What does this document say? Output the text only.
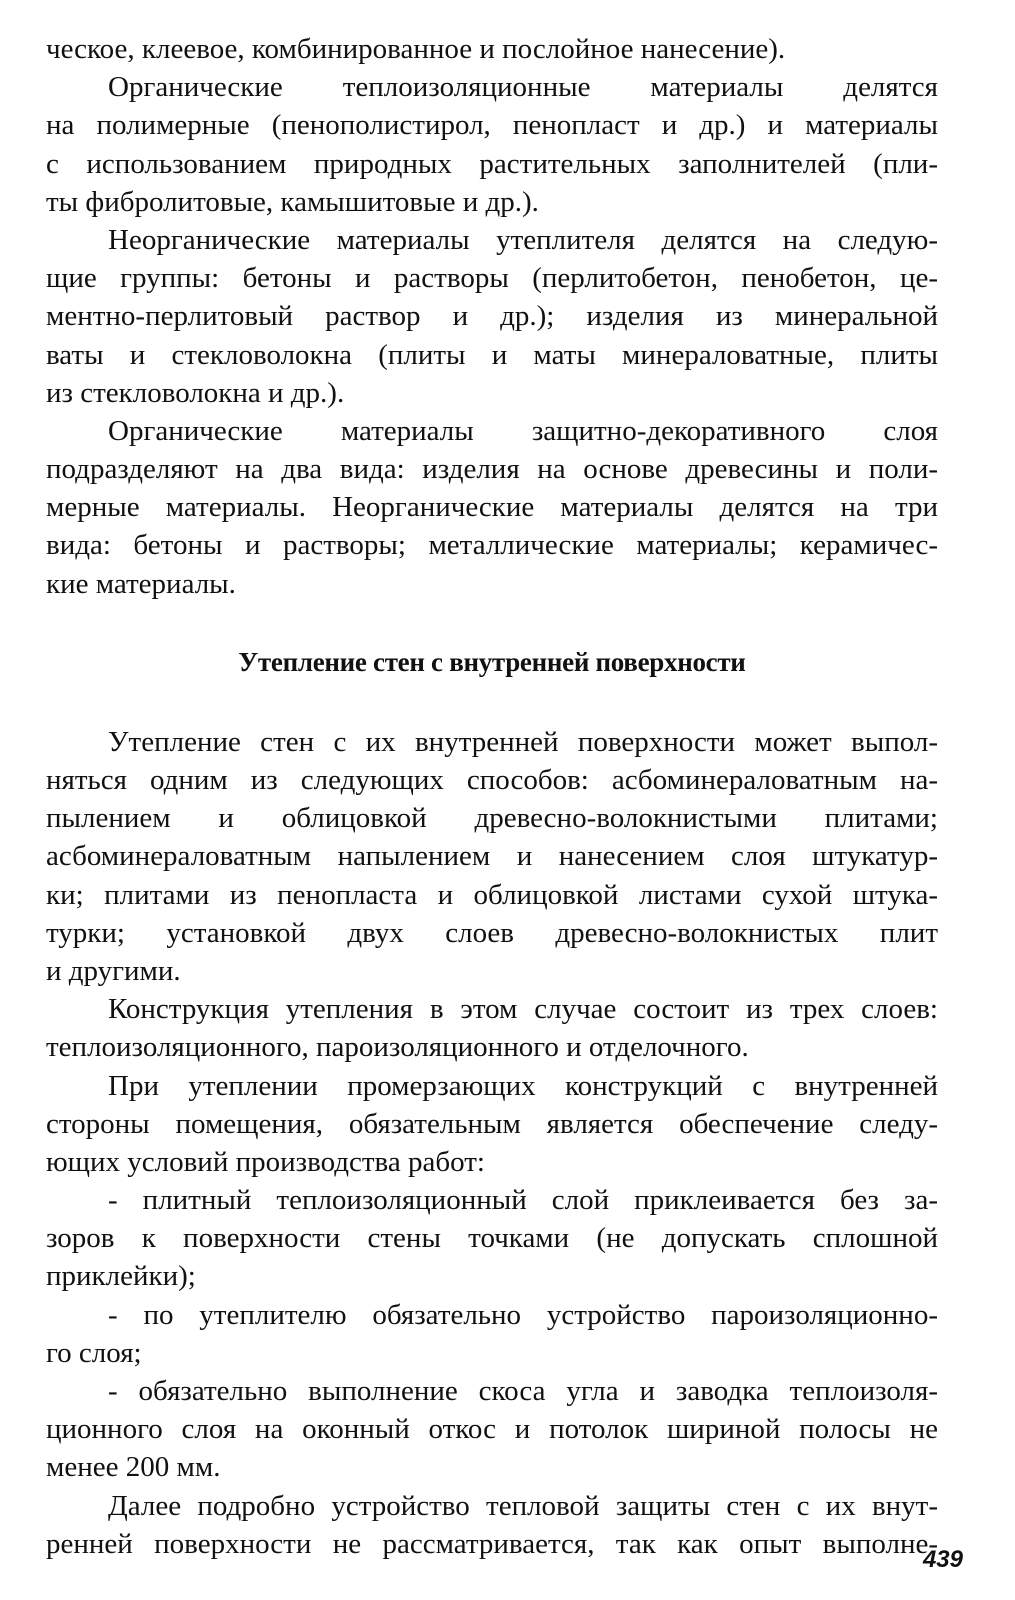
ческое, клеевое, комбинированное и послойное нанесение).
Органические теплоизоляционные материалы делятся
на полимерные (пенополистирол, пенопласт и др.) и материалы
с использованием природных растительных заполнителей (пли-
ты фибролитовые, камышитовые и др.).
Неорганические материалы утеплителя делятся на следую-
щие группы: бетоны и растворы (перлитобетон, пенобетон, це-
ментно-перлитовый раствор и др.); изделия из минеральной
ваты и стекловолокна (плиты и маты минераловатные, плиты
из стекловолокна и др.).
Органические материалы защитно-декоративного слоя
подразделяют на два вида: изделия на основе древесины и поли-
мерные материалы. Неорганические материалы делятся на три
вида: бетоны и растворы; металлические материалы; керамичес-
кие материалы.
Утепление стен с внутренней поверхности
Утепление стен с их внутренней поверхности может выпол-
няться одним из следующих способов: асбоминераловатным на-
пылением и облицовкой древесно-волокнистыми плитами;
асбоминераловатным напылением и нанесением слоя штукатур-
ки; плитами из пенопласта и облицовкой листами сухой штука-
турки; установкой двух слоев древесно-волокнистых плит
и другими.
Конструкция утепления в этом случае состоит из трех слоев:
теплоизоляционного, пароизоляционного и отделочного.
При утеплении промерзающих конструкций с внутренней
стороны помещения, обязательным является обеспечение следу-
ющих условий производства работ:
- плитный теплоизоляционный слой приклеивается без за-
зоров к поверхности стены точками (не допускать сплошной
приклейки);
- по утеплителю обязательно устройство пароизоляционно-
го слоя;
- обязательно выполнение скоса угла и заводка теплоизоля-
ционного слоя на оконный откос и потолок шириной полосы не
менее 200 мм.
Далее подробно устройство тепловой защиты стен с их внут-
ренней поверхности не рассматривается, так как опыт выполне-
439
